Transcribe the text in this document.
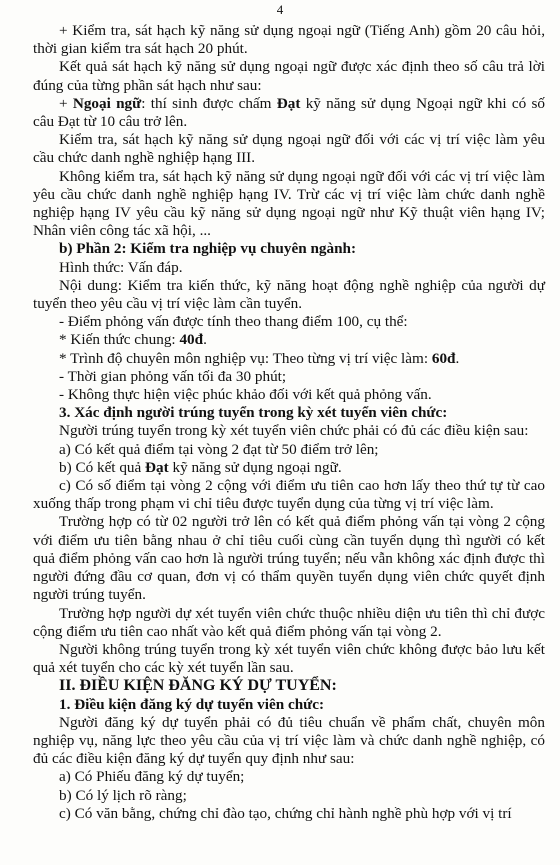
4

+ Kiểm tra, sát hạch kỹ năng sử dụng ngoại ngữ (Tiếng Anh) gồm 20 câu hỏi, thời gian kiểm tra sát hạch 20 phút.

Kết quả sát hạch kỹ năng sử dụng ngoại ngữ được xác định theo số câu trả lời đúng của từng phần sát hạch như sau:

+ Ngoại ngữ: thí sinh được chấm Đạt kỹ năng sử dụng Ngoại ngữ khi có số câu Đạt từ 10 câu trở lên.

Kiểm tra, sát hạch kỹ năng sử dụng ngoại ngữ đối với các vị trí việc làm yêu cầu chức danh nghề nghiệp hạng III.

Không kiểm tra, sát hạch kỹ năng sử dụng ngoại ngữ đối với các vị trí việc làm yêu cầu chức danh nghề nghiệp hạng IV. Trừ các vị trí việc làm chức danh nghề nghiệp hạng IV yêu cầu kỹ năng sử dụng ngoại ngữ như Kỹ thuật viên hạng IV; Nhân viên công tác xã hội, ...

b) Phần 2: Kiểm tra nghiệp vụ chuyên ngành:

Hình thức: Vấn đáp.

Nội dung: Kiểm tra kiến thức, kỹ năng hoạt động nghề nghiệp của người dự tuyển theo yêu cầu vị trí việc làm cần tuyển.

- Điểm phỏng vấn được tính theo thang điểm 100, cụ thể:

* Kiến thức chung: 40đ.

* Trình độ chuyên môn nghiệp vụ: Theo từng vị trí việc làm: 60đ.

- Thời gian phỏng vấn tối đa 30 phút;

- Không thực hiện việc phúc khảo đối với kết quả phỏng vấn.

3. Xác định người trúng tuyển trong kỳ xét tuyển viên chức:

Người trúng tuyển trong kỳ xét tuyển viên chức phải có đủ các điều kiện sau:

a) Có kết quả điểm tại vòng 2 đạt từ 50 điểm trở lên;

b) Có kết quả Đạt kỹ năng sử dụng ngoại ngữ.

c) Có số điểm tại vòng 2 cộng với điểm ưu tiên cao hơn lấy theo thứ tự từ cao xuống thấp trong phạm vi chỉ tiêu được tuyển dụng của từng vị trí việc làm.

Trường hợp có từ 02 người trở lên có kết quả điểm phỏng vấn tại vòng 2 cộng với điểm ưu tiên bằng nhau ở chỉ tiêu cuối cùng cần tuyển dụng thì người có kết quả điểm phỏng vấn cao hơn là người trúng tuyển; nếu vẫn không xác định được thì người đứng đầu cơ quan, đơn vị có thẩm quyền tuyển dụng viên chức quyết định người trúng tuyển.

Trường hợp người dự xét tuyển viên chức thuộc nhiều diện ưu tiên thì chỉ được cộng điểm ưu tiên cao nhất vào kết quả điểm phỏng vấn tại vòng 2.

Người không trúng tuyển trong kỳ xét tuyển viên chức không được bảo lưu kết quả xét tuyển cho các kỳ xét tuyển lần sau.

II. ĐIỀU KIỆN ĐĂNG KÝ DỰ TUYỂN:

1. Điều kiện đăng ký dự tuyển viên chức:

Người đăng ký dự tuyển phải có đủ tiêu chuẩn về phẩm chất, chuyên môn nghiệp vụ, năng lực theo yêu cầu của vị trí việc làm và chức danh nghề nghiệp, có đủ các điều kiện đăng ký dự tuyển quy định như sau:

a) Có Phiếu đăng ký dự tuyển;

b) Có lý lịch rõ ràng;

c) Có văn bằng, chứng chỉ đào tạo, chứng chỉ hành nghề phù hợp với vị trí
